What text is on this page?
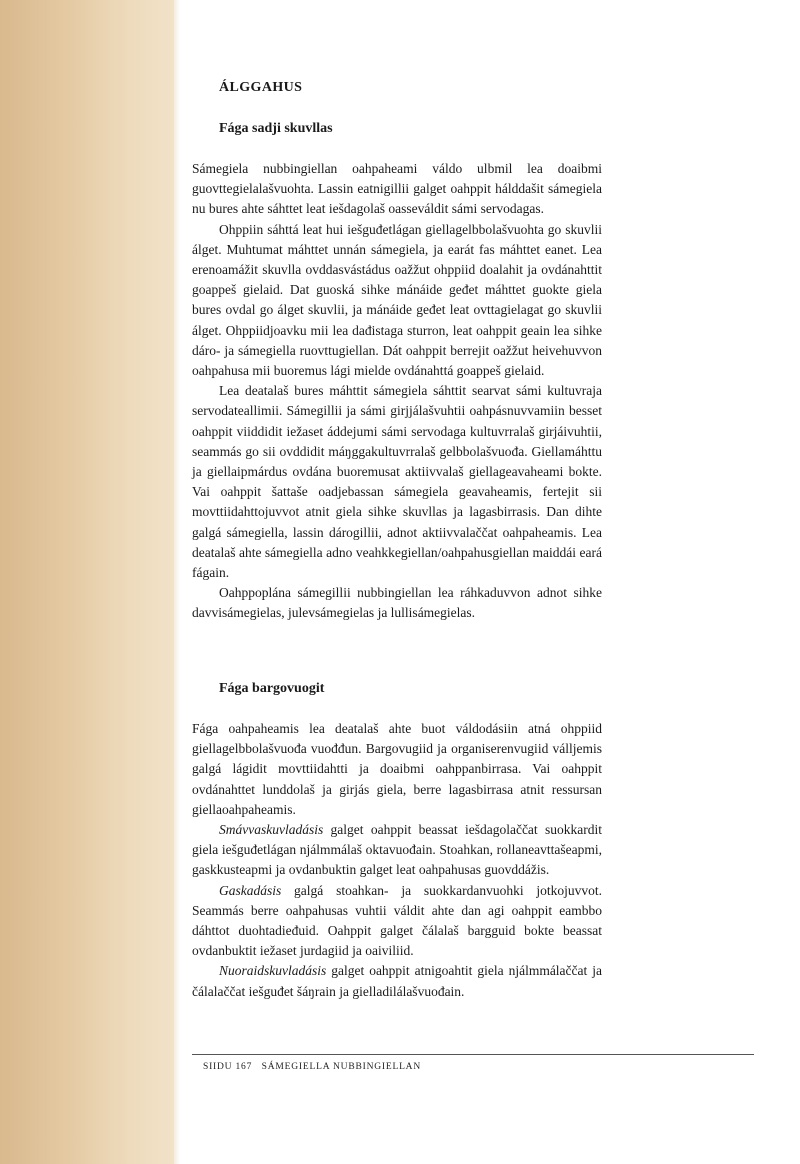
ÁLGGAHUS
Fága sadji skuvllas

Sámegiela nubbingiellan oahpaheami váldo ulbmil lea doaibmi guovttegielalašvuohta. Lassin eatnigillii galget oahppit hálddašit sámegiela nu bures ahte sáhttet leat iešdagolaš oasseváldit sámi servodagas.

Ohppiin sáhttá leat hui iešguđetlágan giellagelbbolašvuohta go skuvlii álget. Muhtumat máhttet unnán sámegiela, ja earát fas máhttet eanet. Lea erenoamážit skuvlla ovddasvástádus oažžut ohppiid doalahit ja ovdánahttit goappeš gielaid. Dat guoská sihke mánáide geđet máhttet guokte giela bures ovdal go álget skuvlii, ja mánáide geđet leat ovttagielagat go skuvlii álget. Ohppiidjoavku mii lea dađistaga sturron, leat oahppit geain lea sihke dáro- ja sámegiella ruovttugiellan. Dát oahppit berrejit oažžut heivehuvvon oahpahusa mii buoremus lági mielde ovdánahttá goappeš gielaid.

Lea deatalaš bures máhttit sámegiela sáhttit searvat sámi kultuvraja servodateallimii. Sámegillii ja sámi girjjálašvuhtii oahpásnuvvamiin besset oahppit viiddidit iežaset áddejumi sámi servodaga kultuvrralaš girjáivuhtii, seammás go sii ovddidit máŋggakultuvrralaš gelbbolašvuođa. Giellamáhttu ja giellaipmárdus ovdána buoremusat aktiivvalaš giellageavaheami bokte. Vai oahppit šattaše oadjebassan sámegiela geavaheamis, fertejit sii movttiidahttojuvvot atnit giela sihke skuvllas ja lagasbirrasis. Dan dihte galgá sámegiella, lassin dárogillii, adnot aktiivvalaččat oahpaheamis. Lea deatalaš ahte sámegiella adno veahkkegiellan/oahpahusgiellan maiddái eará fágain.

Oahppoplána sámegillii nubbingiellan lea ráhkaduvvon adnot sihke davvisámegielas, julevsámegielas ja lullisámegielas.

Fága bargovuogit

Fága oahpaheamis lea deatalaš ahte buot váldodásiin atná ohppiid giellagelbbolašvuođa vuođđun. Bargovugiid ja organiserenvugiid válljemis galgá lágidit movttiidahtti ja doaibmi oahppanbirrasa. Vai oahppit ovdánahttet lunddolaš ja girjás giela, berre lagasbirrasa atnit ressursan giellaoahpaheamis.

Smávvaskuvladásis galget oahppit beassat iešdagolaččat suokkardit giela iešguđetlágan njálmmálaš oktavuođain. Stoahkan, rollaneavttašeapmi, gaskkusteapmi ja ovdanbuktin galget leat oahpahusas guovddážis.

Gaskadásis galgá stoahkan- ja suokkardanvuohki jotkojuvvot. Seammás berre oahpahusas vuhtii váldit ahte dan agi oahppit eambbo dáhttot duohtadieđuid. Oahppit galget čálalaš bargguid bokte beassat ovdanbuktit iežaset jurdagiid ja oaiviliid.

Nuoraidskuvladásis galget oahppit atnigoahtit giela njálmmálaččat ja čálalaččat iešguđet šáŋrain ja gielladilálašvuođain.

SIIDU 167   SÁMEGIELLA NUBBINGIELLAN
